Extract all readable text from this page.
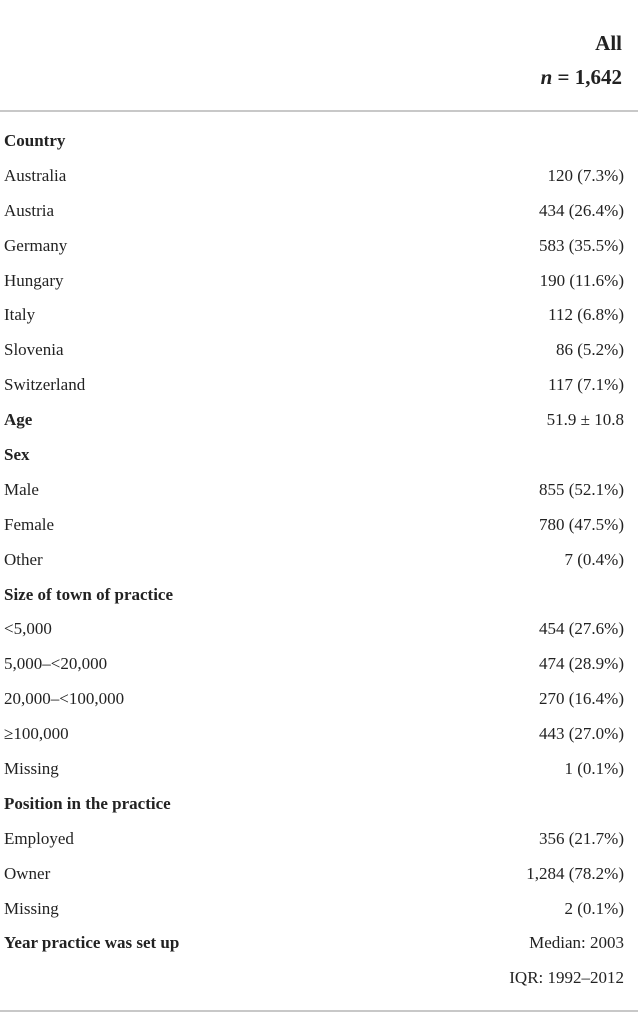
All
n = 1,642
Country
Australia	120 (7.3%)
Austria	434 (26.4%)
Germany	583 (35.5%)
Hungary	190 (11.6%)
Italy	112 (6.8%)
Slovenia	86 (5.2%)
Switzerland	117 (7.1%)
Age	51.9 ± 10.8
Sex
Male	855 (52.1%)
Female	780 (47.5%)
Other	7 (0.4%)
Size of town of practice
<5,000	454 (27.6%)
5,000–<20,000	474 (28.9%)
20,000–<100,000	270 (16.4%)
≥100,000	443 (27.0%)
Missing	1 (0.1%)
Position in the practice
Employed	356 (21.7%)
Owner	1,284 (78.2%)
Missing	2 (0.1%)
Year practice was set up	Median: 2003
IQR: 1992–2012
